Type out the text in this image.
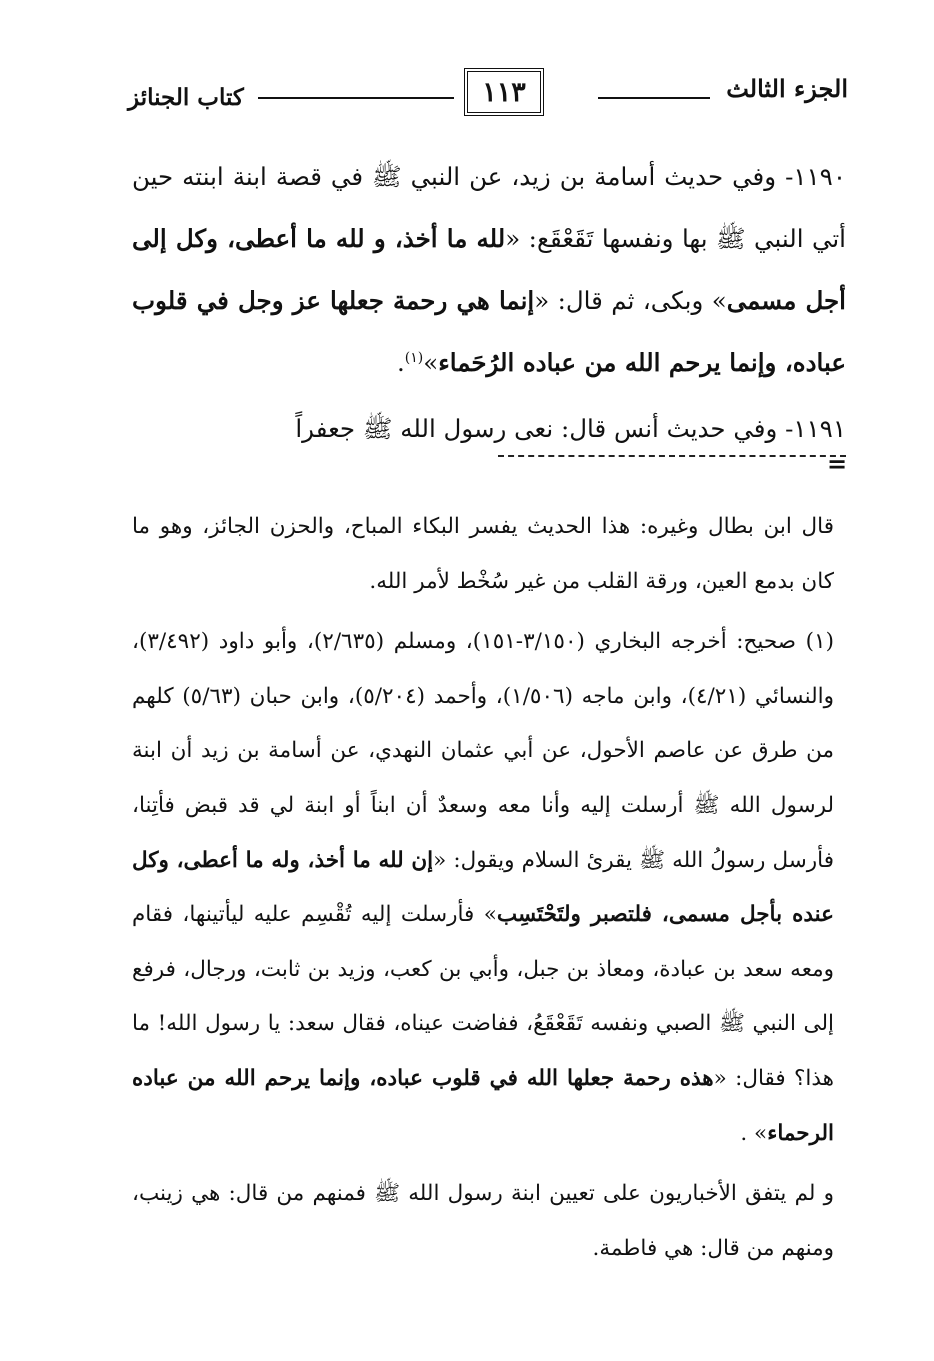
الجزء الثالث
١١٣
كتاب الجنائز

١١٩٠- وفي حديث أسامة بن زيد، عن النبي ﷺ في قصة ابنة ابنته حين أتي النبي ﷺ بها ونفسها تَقَعْقَع: «لله ما أخذ، و لله ما أعطى، وكل إلى أجل مسمى» وبكى، ثم قال: «إنما هي رحمة جعلها عز وجل في قلوب عباده، وإنما يرحم الله من عباده الرُحَماء»$^{(١)}$.

١١٩١- وفي حديث أنس قال: نعى رسول الله ﷺ جعفراً

=

قال ابن بطال وغيره: هذا الحديث يفسر البكاء المباح، والحزن الجائز، وهو ما كان بدمع العين، ورقة القلب من غير سُخْط لأمر الله.

(١) صحيح: أخرجه البخاري (٣/١٥٠-١٥١)، ومسلم (٢/٦٣٥)، وأبو داود (٣/٤٩٢)، والنسائي (٤/٢١)، وابن ماجه (١/٥٠٦)، وأحمد (٥/٢٠٤)، وابن حبان (٥/٦٣) كلهم من طرق عن عاصم الأحول، عن أبي عثمان النهدي، عن أسامة بن زيد أن ابنة لرسول الله ﷺ أرسلت إليه وأنا معه وسعدٌ أن ابناً أو ابنة لي قد قبض فأتِنا، فأرسل رسولُ الله ﷺ يقرئ السلام ويقول: «إن لله ما أخذ، وله ما أعطى، وكل عنده بأجل مسمى، فلتصبر ولتَحْتَسِب» فأرسلت إليه تُقْسِم عليه ليأتينها، فقام ومعه سعد بن عبادة، ومعاذ بن جبل، وأبي بن كعب، وزيد بن ثابت، ورجال، فرفع إلى النبي ﷺ الصبي ونفسه تَقَعْقَعُ، ففاضت عيناه، فقال سعد: يا رسول الله! ما هذا؟ فقال: «هذه رحمة جعلها الله في قلوب عباده، وإنما يرحم الله من عباده الرحماء» .

و لم يتفق الأخباريون على تعيين ابنة رسول الله ﷺ فمنهم من قال: هي زينب، ومنهم من قال: هي فاطمة.
